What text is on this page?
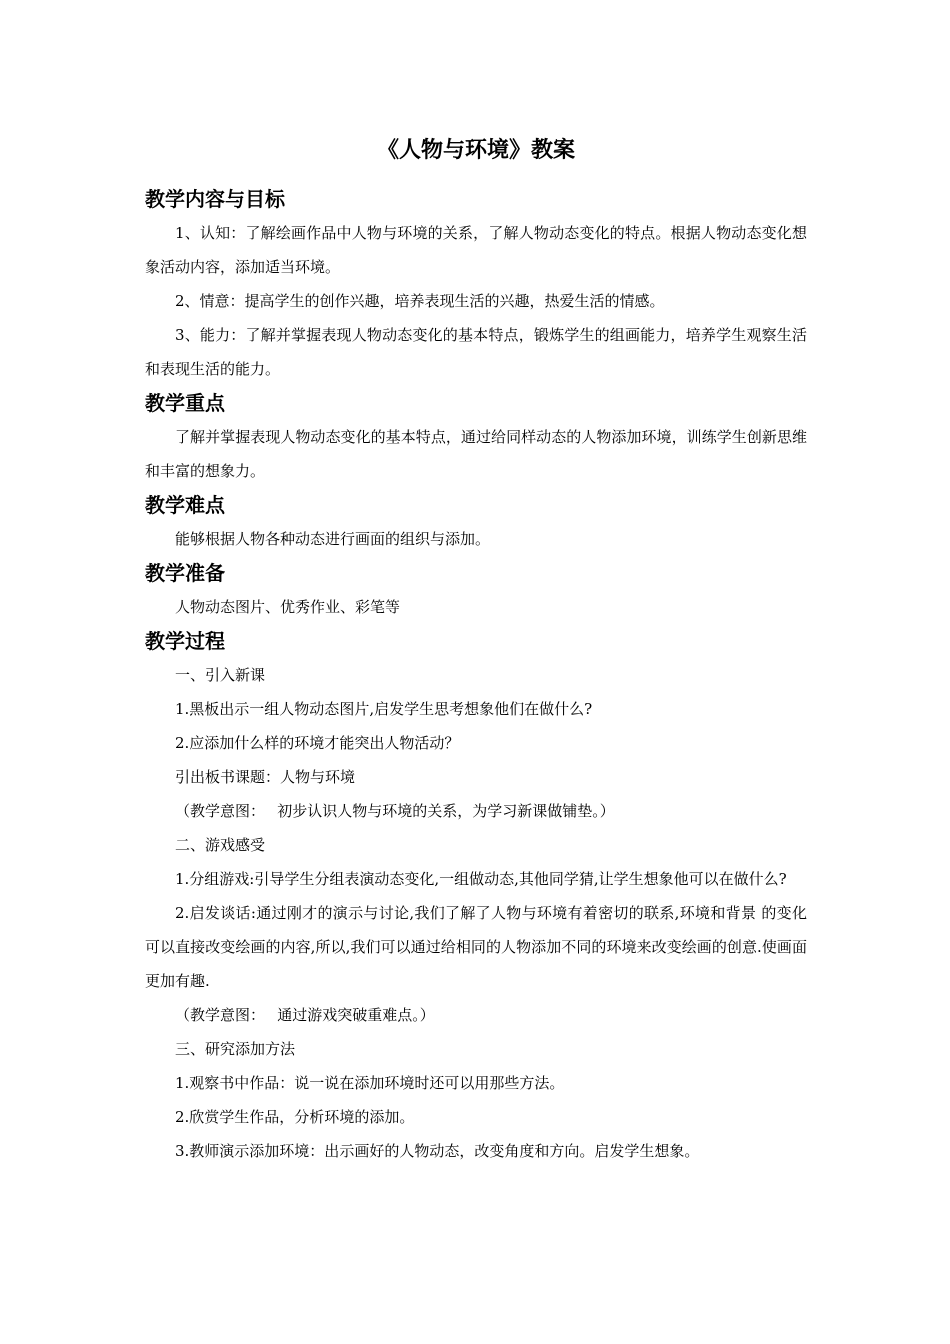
《人物与环境》教案
教学内容与目标
1、认知：了解绘画作品中人物与环境的关系，了解人物动态变化的特点。根据人物动态变化想象活动内容，添加适当环境。
2、情意：提高学生的创作兴趣，培养表现生活的兴趣，热爱生活的情感。
3、能力：了解并掌握表现人物动态变化的基本特点，锻炼学生的组画能力，培养学生观察生活和表现生活的能力。
教学重点
了解并掌握表现人物动态变化的基本特点，通过给同样动态的人物添加环境，训练学生创新思维和丰富的想象力。
教学难点
能够根据人物各种动态进行画面的组织与添加。
教学准备
人物动态图片、优秀作业、彩笔等
教学过程
一、引入新课
1.黑板出示一组人物动态图片,启发学生思考想象他们在做什么?
2.应添加什么样的环境才能突出人物活动？
引出板书课题：人物与环境
（教学意图：　 初步认识人物与环境的关系，为学习新课做铺垫。）
二、游戏感受
1.分组游戏:引导学生分组表演动态变化,一组做动态,其他同学猜,让学生想象他可以在做什么?
2.启发谈话:通过刚才的演示与讨论,我们了解了人物与环境有着密切的联系,环境和背景 的变化可以直接改变绘画的内容,所以,我们可以通过给相同的人物添加不同的环境来改变绘画的创意.使画面更加有趣.
（教学意图：　 通过游戏突破重难点。）
三、研究添加方法
1.观察书中作品：说一说在添加环境时还可以用那些方法。
2.欣赏学生作品，分析环境的添加。
3.教师演示添加环境：出示画好的人物动态，改变角度和方向。启发学生想象。
